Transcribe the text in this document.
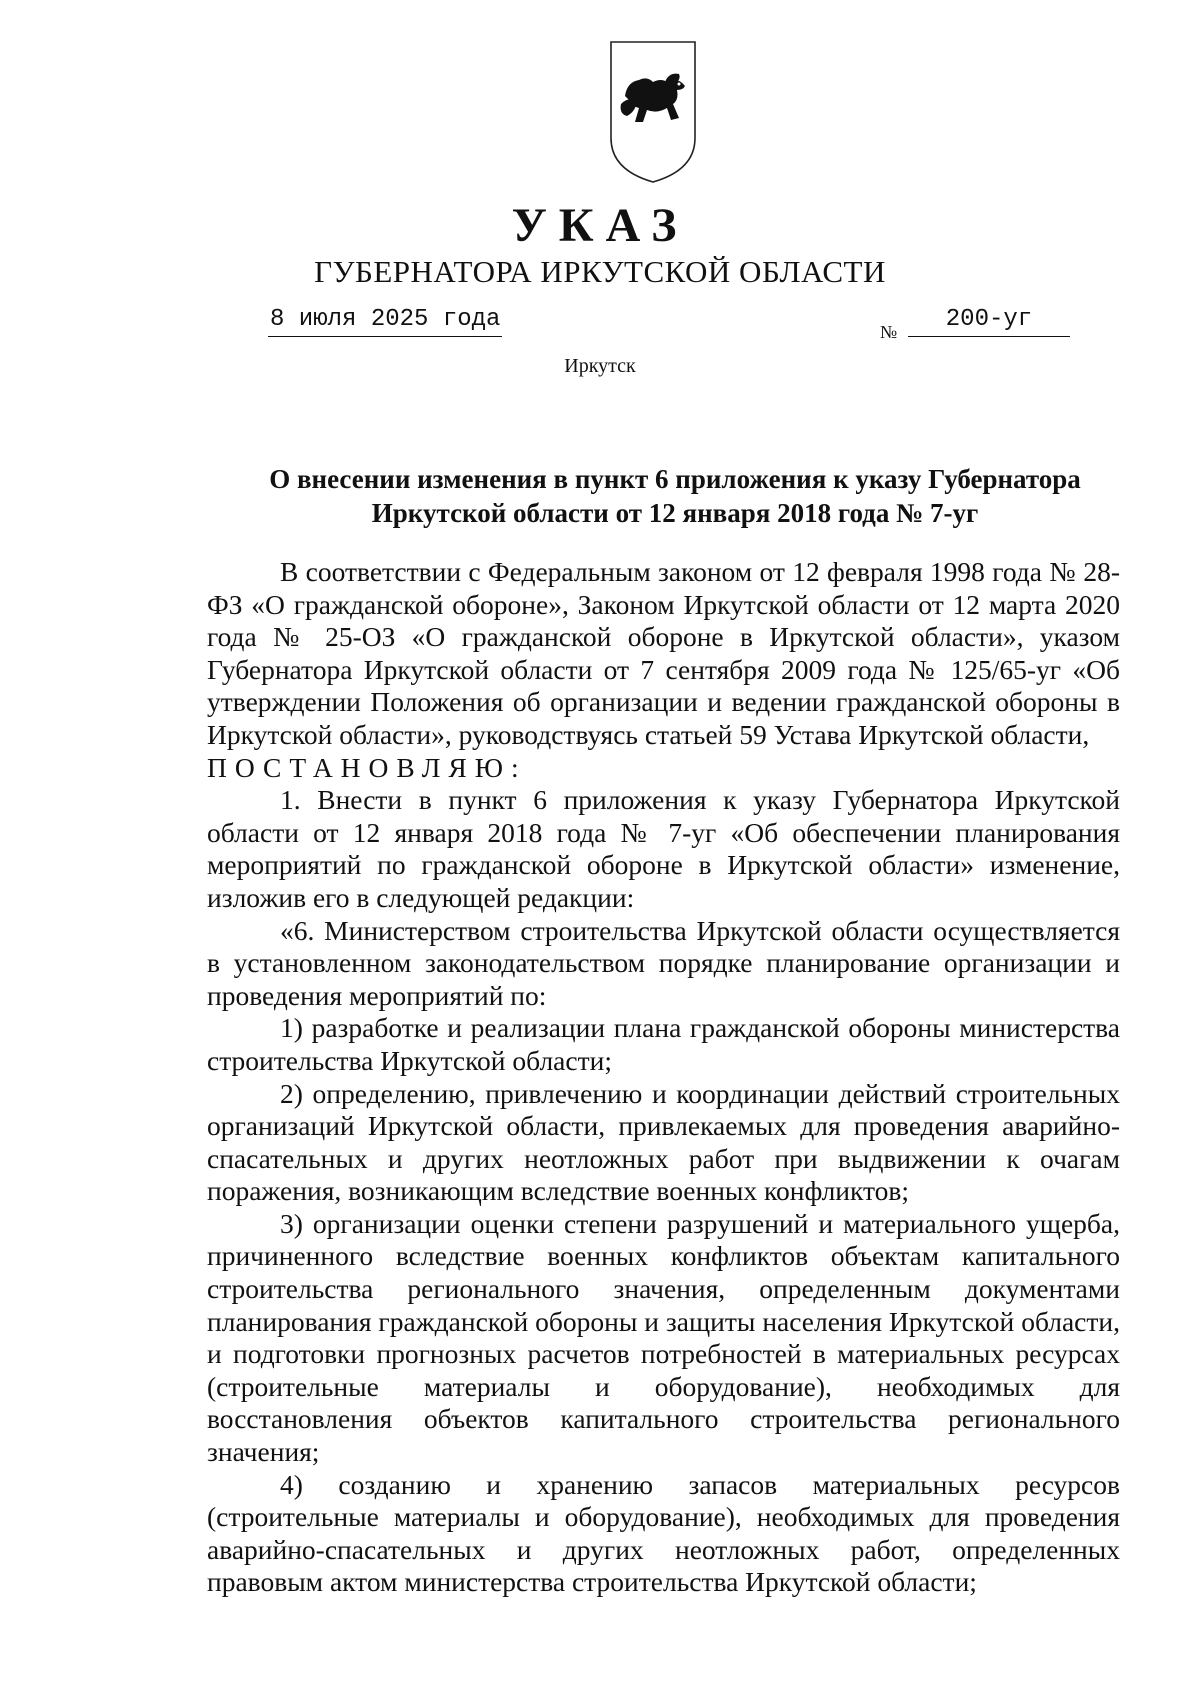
УКАЗ
ГУБЕРНАТОРА ИРКУТСКОЙ ОБЛАСТИ
8 июля 2025 года	№	200-уг
Иркутск
О внесении изменения в пункт 6 приложения к указу Губернатора
Иркутской области от 12 января 2018 года № 7-уг

В соответствии с Федеральным законом от 12 февраля 1998 года № 28-ФЗ «О гражданской обороне», Законом Иркутской области от 12 марта 2020 года № 25-ОЗ «О гражданской обороне в Иркутской области», указом Губернатора Иркутской области от 7 сентября 2009 года № 125/65-уг «Об утверждении Положения об организации и ведении гражданской обороны в Иркутской области», руководствуясь статьей 59 Устава Иркутской области,

ПОСТАНОВЛЯЮ:

1. Внести в пункт 6 приложения к указу Губернатора Иркутской области от 12 января 2018 года № 7-уг «Об обеспечении планирования мероприятий по гражданской обороне в Иркутской области» изменение, изложив его в следующей редакции:

«6. Министерством строительства Иркутской области осуществляется в установленном законодательством порядке планирование организации и проведения мероприятий по:

1) разработке и реализации плана гражданской обороны министерства строительства Иркутской области;

2) определению, привлечению и координации действий строительных организаций Иркутской области, привлекаемых для проведения аварийно-спасательных и других неотложных работ при выдвижении к очагам поражения, возникающим вследствие военных конфликтов;

3) организации оценки степени разрушений и материального ущерба, причиненного вследствие военных конфликтов объектам капитального строительства регионального значения, определенным документами планирования гражданской обороны и защиты населения Иркутской области, и подготовки прогнозных расчетов потребностей в материальных ресурсах (строительные материалы и оборудование), необходимых для восстановления объектов капитального строительства регионального значения;

4) созданию и хранению запасов материальных ресурсов (строительные материалы и оборудование), необходимых для проведения аварийно-спасательных и других неотложных работ, определенных правовым актом министерства строительства Иркутской области;
